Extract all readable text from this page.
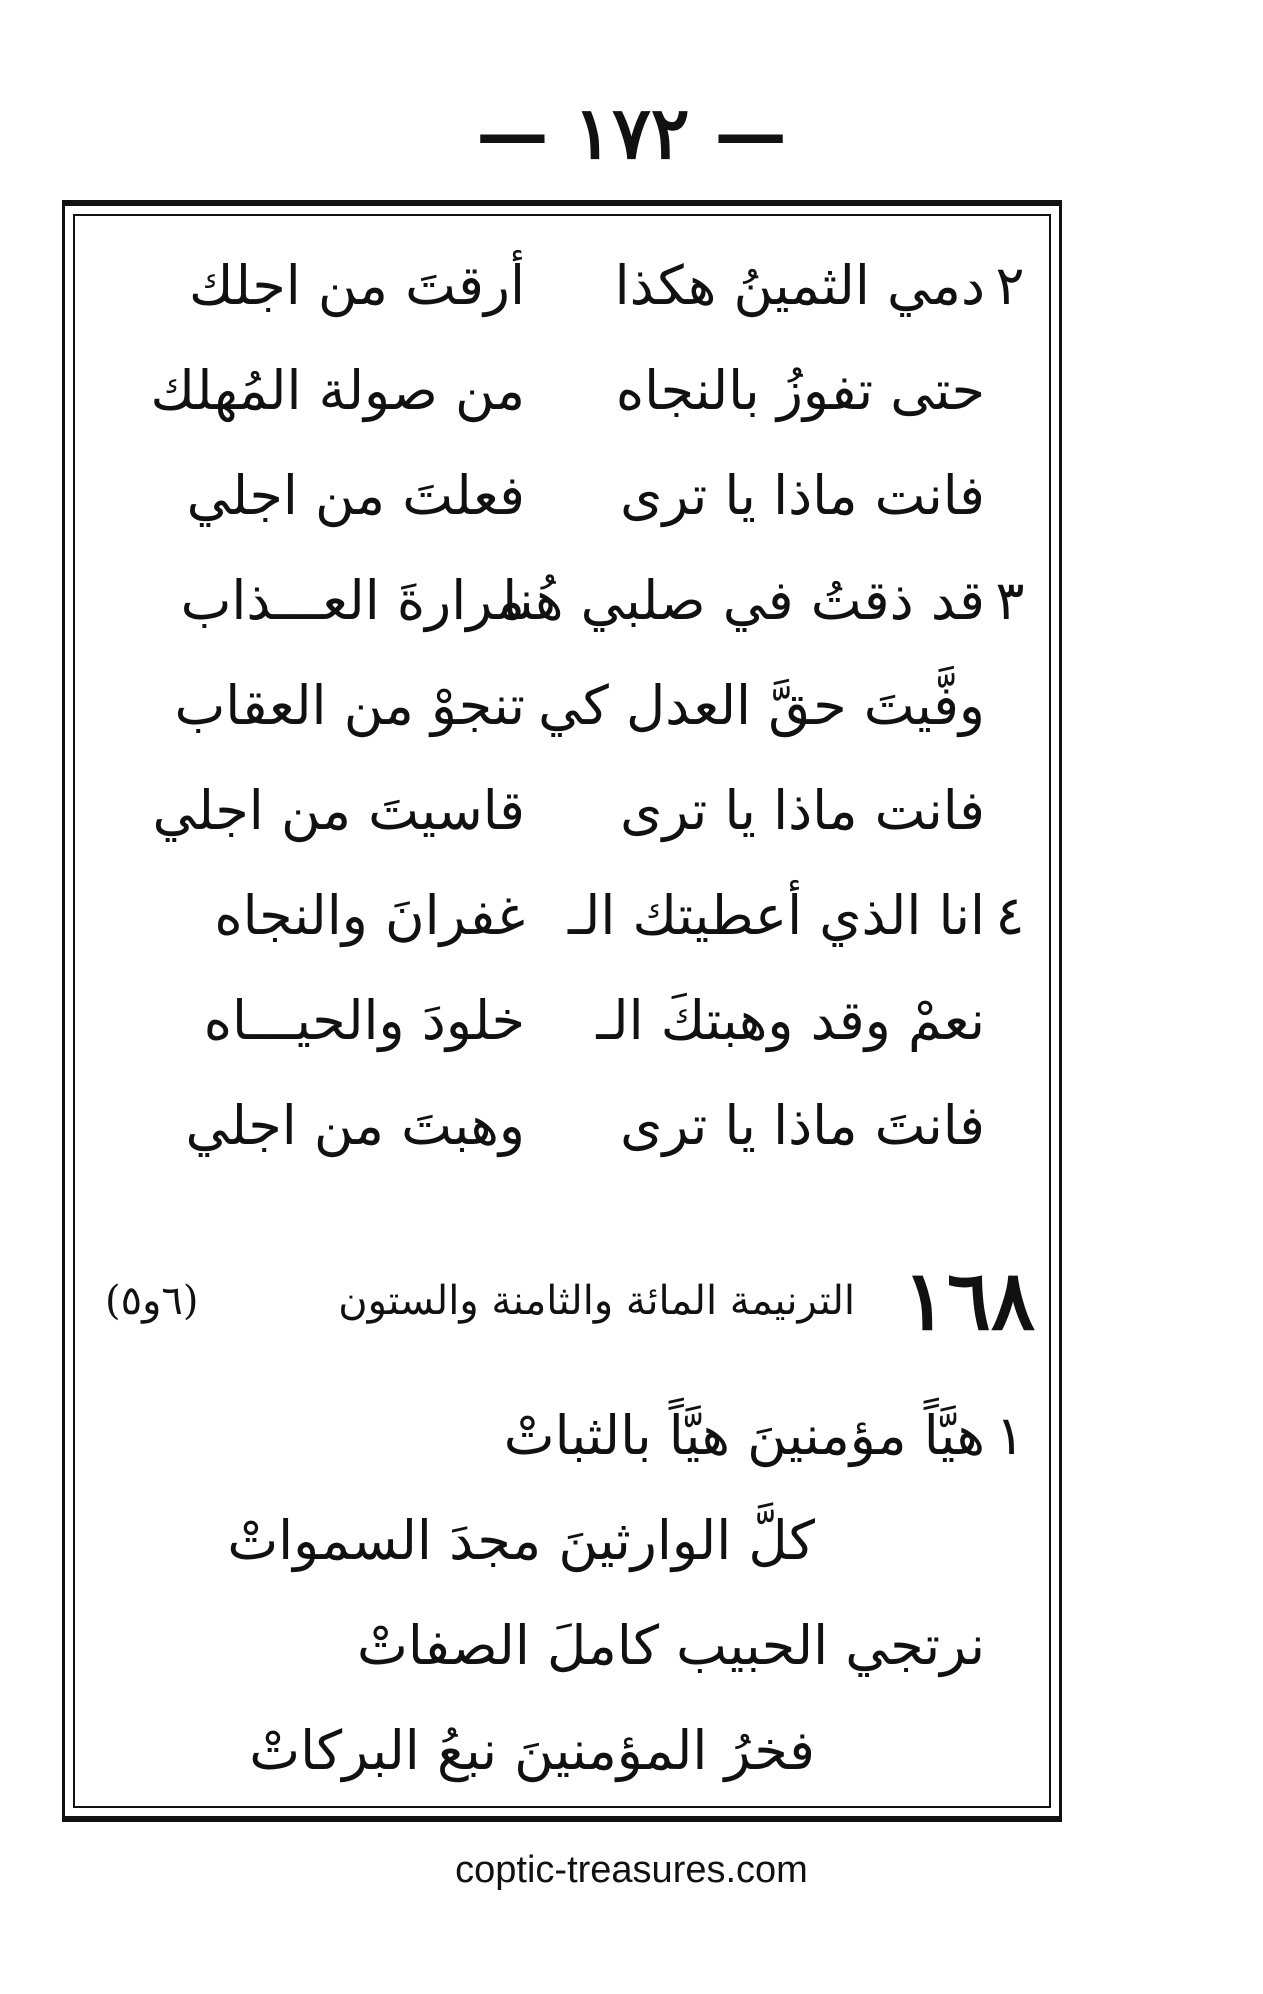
— ١٧٢ —
٢
دمي الثمينُ هكذا
أرقتَ من اجلك
حتى تفوزُ بالنجاه
من صولة المُهلك
فانت ماذا يا ترى
فعلتَ من اجلي
٣
قد ذقتُ في صلبي هُنا
مرارةَ العـــذاب
وفَّيتَ حقَّ العدل كي
تنجوْ من العقاب
فانت ماذا يا ترى
قاسيتَ من اجلي
٤
انا الذي أعطيتك الـ
غفرانَ والنجاه
نعمْ وقد وهبتكَ الـ
خلودَ والحيـــاه
فانتَ ماذا يا ترى
وهبتَ من اجلي
١٦٨
الترنيمة المائة والثامنة والستون
(٦و٥)
١
هيَّاً مؤمنينَ هيَّاً بالثباتْ
كلَّ الوارثينَ مجدَ السمواتْ
نرتجي الحبيب كاملَ الصفاتْ
فخرُ المؤمنينَ نبعُ البركاتْ
coptic-treasures.com
